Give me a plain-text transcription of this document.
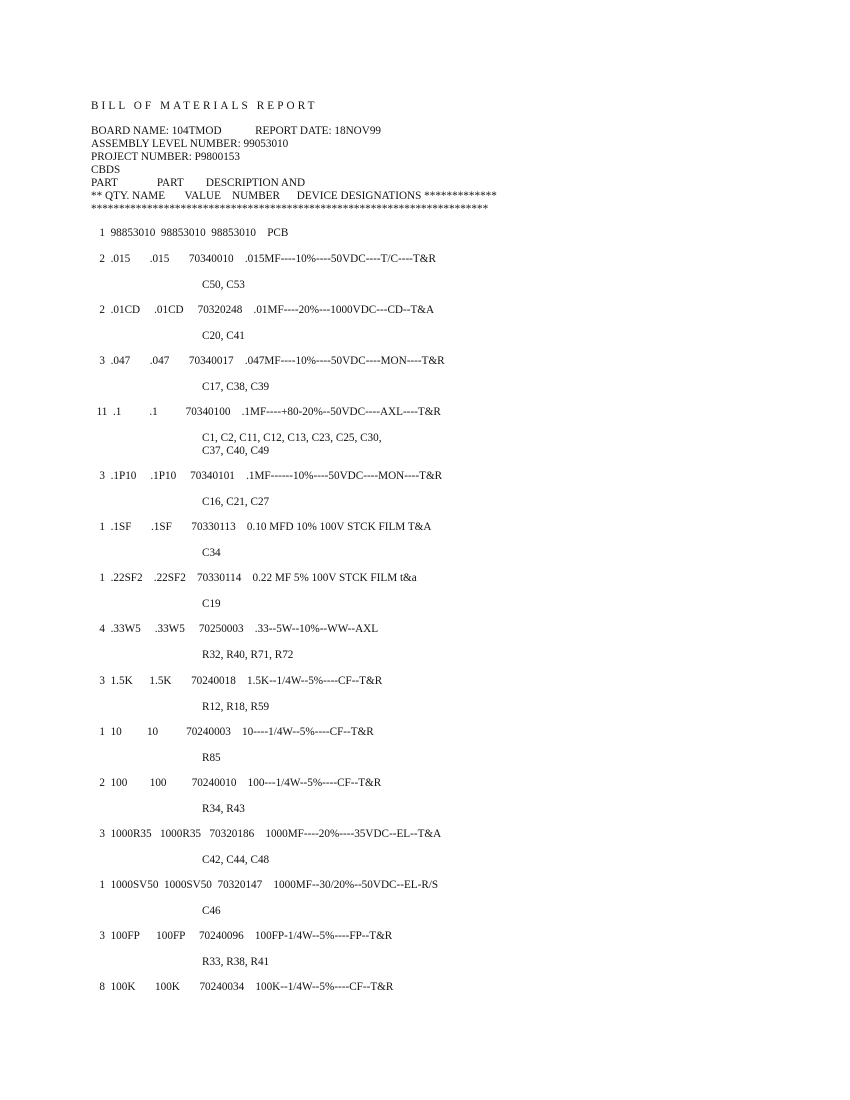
BILL OF MATERIALS REPORT
BOARD NAME: 104TMOD            REPORT DATE: 18NOV99
ASSEMBLY LEVEL NUMBER: 99053010
PROJECT NUMBER: P9800153
CBDS
PART              PART        DESCRIPTION AND
** QTY. NAME       VALUE    NUMBER      DEVICE DESIGNATIONS *************
***********************************************************************
1  98853010  98853010  98853010    PCB
2  .015       .015       70340010    .015MF----10%----50VDC----T/C----T&R
C50, C53
2  .01CD     .01CD     70320248    .01MF----20%---1000VDC---CD--T&A
C20, C41
3  .047       .047       70340017    .047MF----10%----50VDC----MON----T&R
C17, C38, C39
11  .1          .1          70340100    .1MF----+80-20%--50VDC----AXL----T&R
C1, C2, C11, C12, C13, C23, C25, C30,
C37, C40, C49
3  .1P10     .1P10     70340101    .1MF------10%----50VDC----MON----T&R
C16, C21, C27
1  .1SF       .1SF       70330113    0.10 MFD 10% 100V STCK FILM T&A
C34
1  .22SF2    .22SF2    70330114    0.22 MF 5% 100V STCK FILM t&a
C19
4  .33W5     .33W5     70250003    .33--5W--10%--WW--AXL
R32, R40, R71, R72
3  1.5K      1.5K       70240018    1.5K--1/4W--5%----CF--T&R
R12, R18, R59
1  10         10          70240003    10----1/4W--5%----CF--T&R
R85
2  100        100         70240010    100---1/4W--5%----CF--T&R
R34, R43
3  1000R35   1000R35   70320186    1000MF----20%----35VDC--EL--T&A
C42, C44, C48
1  1000SV50  1000SV50  70320147    1000MF--30/20%--50VDC--EL-R/S
C46
3  100FP      100FP     70240096    100FP-1/4W--5%----FP--T&R
R33, R38, R41
8  100K       100K       70240034    100K--1/4W--5%----CF--T&R
